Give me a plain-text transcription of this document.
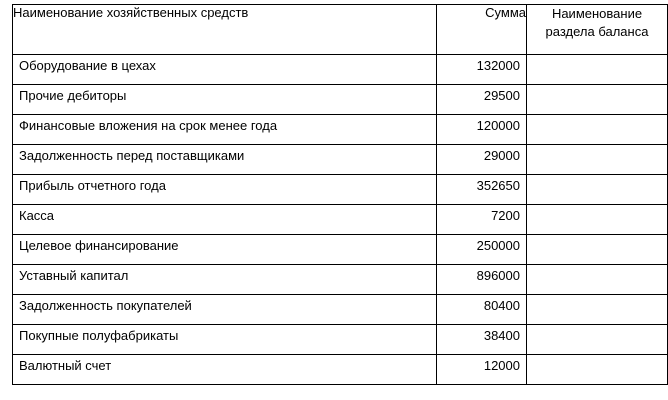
Наименование хозяйственных средств	Сумма	Наименование
раздела баланса
Оборудование в цехах	132000	
Прочие дебиторы	29500	
Финансовые вложения на срок менее года	120000	
Задолженность перед поставщиками	29000	
Прибыль отчетного года	352650	
Касса	7200	
Целевое финансирование	250000	
Уставный капитал	896000	
Задолженность покупателей	80400	
Покупные полуфабрикаты	38400	
Валютный счет	12000	
